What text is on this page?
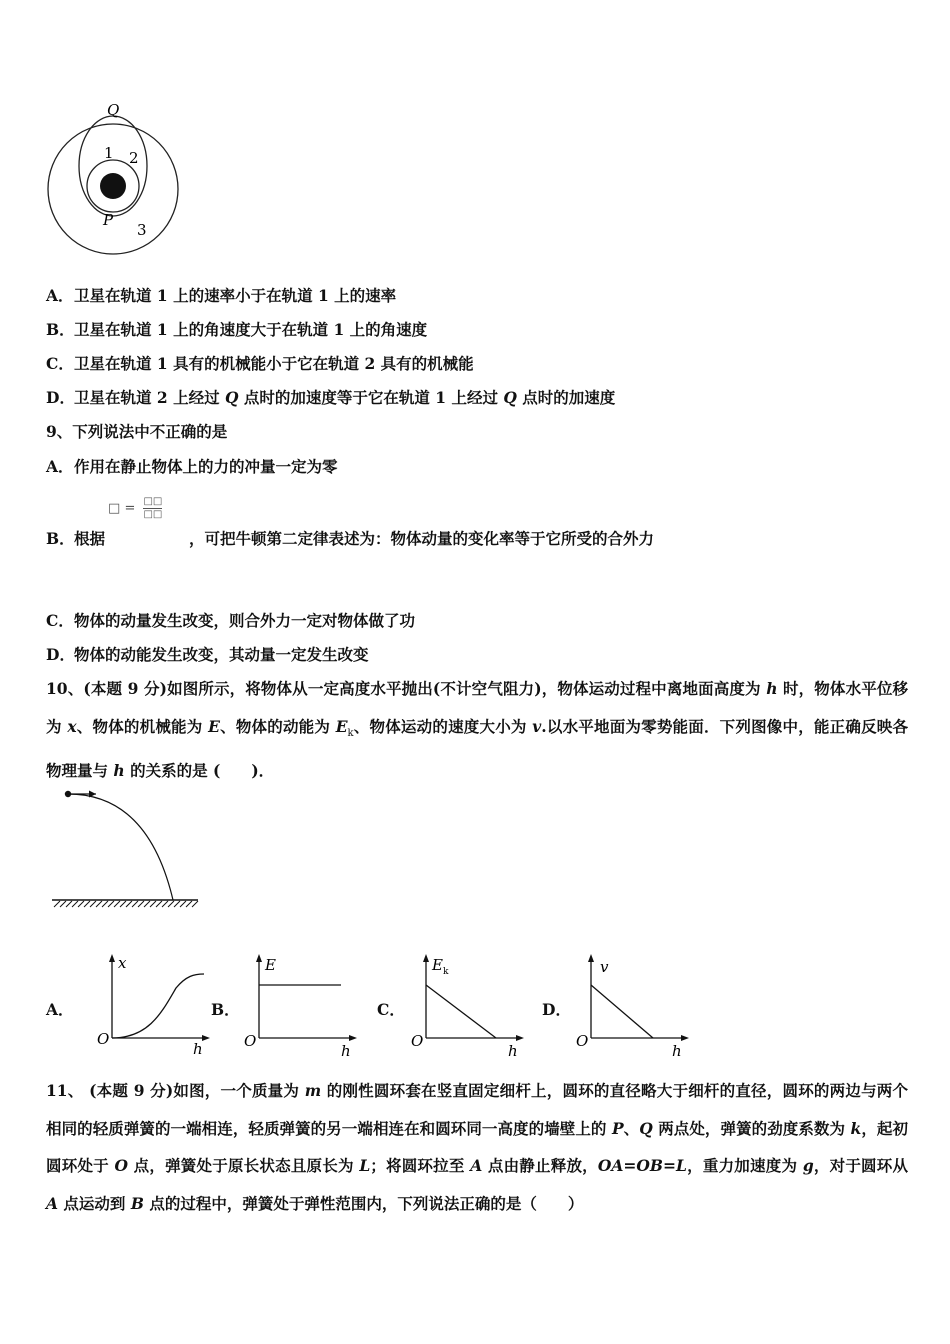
Q
1 2
P
3
A．卫星在轨道 1 上的速率小于在轨道 1 上的速率
B．卫星在轨道 1 上的角速度大于在轨道 1 上的角速度
C．卫星在轨道 1 具有的机械能小于它在轨道 2 具有的机械能
D．卫星在轨道 2 上经过 Q 点时的加速度等于它在轨道 1 上经过 Q 点时的加速度
9、下列说法中不正确的是
A．作用在静止物体上的力的冲量一定为零
□ = $\frac{□□}{□□}$
B．根据	，可把牛顿第二定律表述为：物体动量的变化率等于它所受的合外力
C．物体的动量发生改变，则合外力一定对物体做了功
D．物体的动能发生改变，其动量一定发生改变
10、(本题 9 分)如图所示，将物体从一定高度水平抛出(不计空气阻力)，物体运动过程中离地面高度为 h 时，物体水平位移为 x、物体的机械能为 E、物体的动能为 $E_k$、物体运动的速度大小为 v.以水平地面为零势能面．下列图像中，能正确反映各物理量与 h 的关系的是 (　　)．
A．
x
O
h
B．
E
O
h
C．
E k
O
h
D．
v
O
h
11、 (本题 9 分)如图，一个质量为 m 的刚性圆环套在竖直固定细杆上，圆环的直径略大于细杆的直径，圆环的两边与两个相同的轻质弹簧的一端相连，轻质弹簧的另一端相连在和圆环同一高度的墙壁上的 P、Q 两点处，弹簧的劲度系数为 k，起初圆环处于 O 点，弹簧处于原长状态且原长为 L；将圆环拉至 A 点由静止释放，OA=OB=L，重力加速度为 g，对于圆环从 A 点运动到 B 点的过程中，弹簧处于弹性范围内，下列说法正确的是（　　）
